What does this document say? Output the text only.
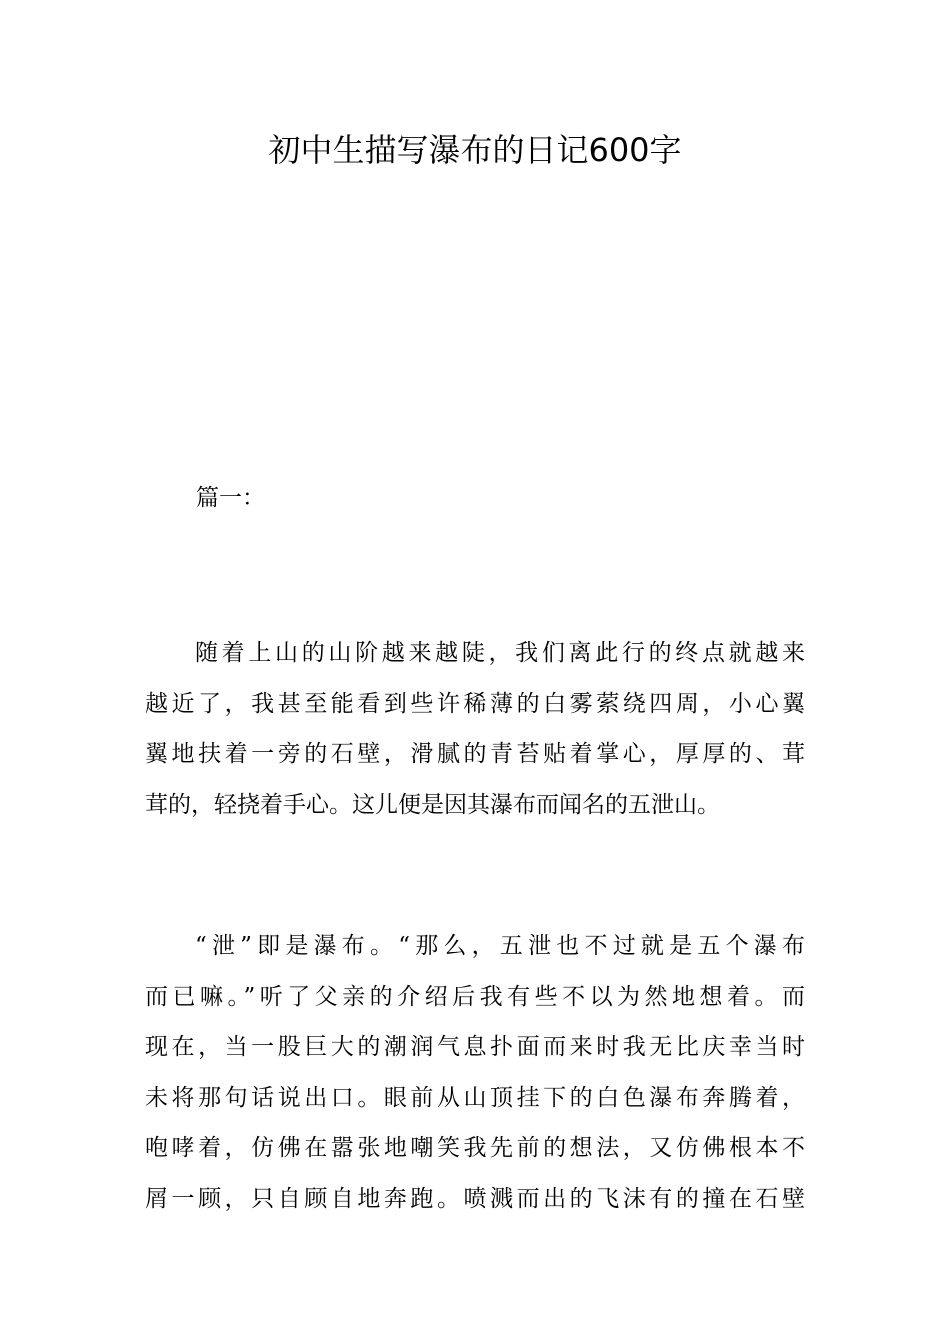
初中生描写瀑布的日记600字

篇一：

随着上山的山阶越来越陡，我们离此行的终点就越来
越近了，我甚至能看到些许稀薄的白雾萦绕四周，小心翼
翼地扶着一旁的石壁，滑腻的青苔贴着掌心，厚厚的、茸
茸的，轻挠着手心。这儿便是因其瀑布而闻名的五泄山。
“泄”即是瀑布。“那么，五泄也不过就是五个瀑布
而已嘛。”听了父亲的介绍后我有些不以为然地想着。而
现在，当一股巨大的潮润气息扑面而来时我无比庆幸当时
未将那句话说出口。眼前从山顶挂下的白色瀑布奔腾着，
咆哮着，仿佛在嚣张地嘲笑我先前的想法，又仿佛根本不
屑一顾，只自顾自地奔跑。喷溅而出的飞沫有的撞在石壁
